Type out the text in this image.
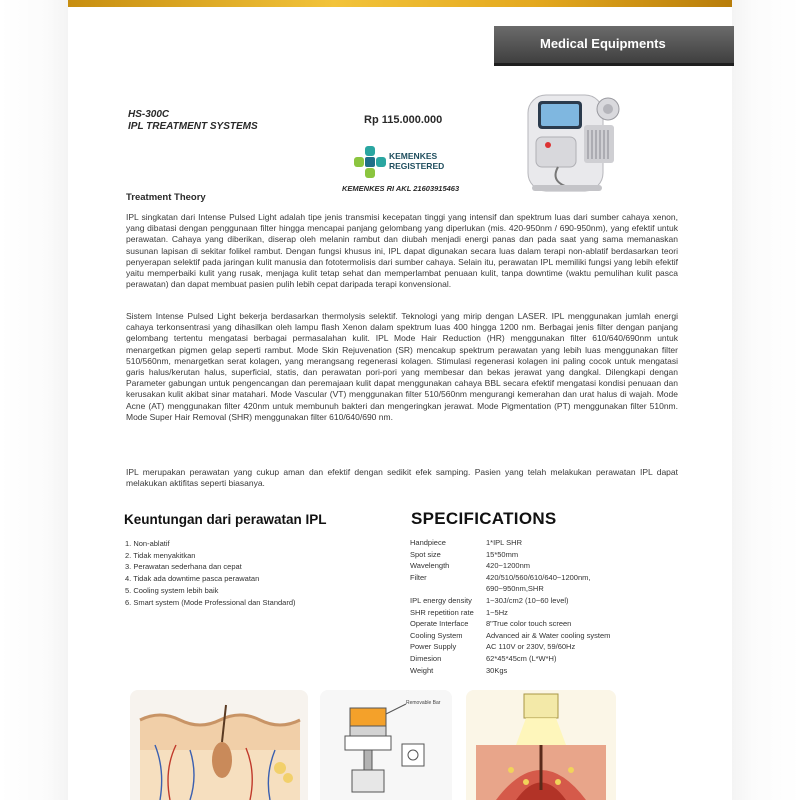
Medical Equipments
HS-300C
IPL TREATMENT SYSTEMS
Rp 115.000.000
KEMENKES
REGISTERED
KEMENKES RI AKL 21603915463
Treatment Theory
IPL singkatan dari Intense Pulsed Light adalah tipe jenis transmisi kecepatan tinggi yang intensif dan spektrum luas dari sumber cahaya xenon, yang dibatasi dengan penggunaan filter hingga mencapai panjang gelombang yang diperlukan (mis. 420-950nm / 690-950nm), yang efektif untuk perawatan. Cahaya yang diberikan, diserap oleh melanin rambut dan diubah menjadi energi panas dan pada saat yang sama memanaskan susunan lapisan di sekitar folikel rambut. Dengan fungsi khusus ini, IPL dapat digunakan secara luas dalam terapi non-ablatif berdasarkan teori penyerapan selektif pada jaringan kulit manusia dan fototermolisis dari sumber cahaya. Selain itu, perawatan IPL memiliki fungsi yang lebih efektif yaitu memperbaiki kulit yang rusak, menjaga kulit tetap sehat dan memperlambat penuaan kulit, tanpa downtime (waktu pemulihan kulit pasca perawatan) dan dapat membuat pasien pulih lebih cepat daripada terapi konvensional.
Sistem Intense Pulsed Light bekerja berdasarkan thermolysis selektif. Teknologi yang mirip dengan LASER. IPL menggunakan jumlah energi cahaya terkonsentrasi yang dihasilkan oleh lampu flash Xenon dalam spektrum luas 400 hingga 1200 nm. Berbagai jenis filter dengan panjang gelombang tertentu mengatasi berbagai permasalahan kulit. IPL Mode Hair Reduction (HR) menggunakan filter 610/640/690nm untuk menargetkan pigmen gelap seperti rambut. Mode Skin Rejuvenation (SR) mencakup spektrum perawatan yang lebih luas menggunakan filter 510/560nm, menargetkan serat kolagen, yang merangsang regenerasi kolagen. Stimulasi regenerasi kolagen ini paling cocok untuk mengatasi garis halus/kerutan halus, superficial, statis, dan perawatan pori-pori yang membesar dan bekas jerawat yang dangkal. Dilengkapi dengan Parameter gabungan untuk pengencangan dan peremajaan kulit dapat menggunakan cahaya BBL secara efektif mengatasi kondisi penuaan dan kerusakan kulit akibat sinar matahari. Mode Vascular (VT) menggunakan filter 510/560nm mengurangi kemerahan dan urat halus di wajah. Mode Acne (AT) menggunakan filter 420nm untuk membunuh bakteri dan mengeringkan jerawat. Mode Pigmentation (PT) menggunakan filter 510nm. Mode Super Hair Removal (SHR) menggunakan filter 610/640/690 nm.
IPL merupakan perawatan yang cukup aman dan efektif dengan sedikit efek samping. Pasien yang telah melakukan perawatan IPL dapat melakukan aktifitas seperti biasanya.
Keuntungan dari perawatan IPL
1. Non-ablatif
2. Tidak menyakitkan
3. Perawatan sederhana dan cepat
4. Tidak ada downtime pasca perawatan
5. Cooling system lebih baik
6. Smart system (Mode Professional dan Standard)
SPECIFICATIONS
Handpiece	1*IPL SHR
Spot size	15*50mm
Wavelength	420~1200nm
Filter	420/510/560/610/640~1200nm,
	690~950nm,SHR
IPL energy density	1~30J/cm2 (10~60 level)
SHR repetition rate	1~5Hz
Operate Interface	8"True color touch screen
Cooling System	Advanced air & Water cooling system
Power Supply	AC 110V or 230V, 59/60Hz
Dimesion	62*45*45cm (L*W*H)
Weight	30Kgs
Removable Bar
